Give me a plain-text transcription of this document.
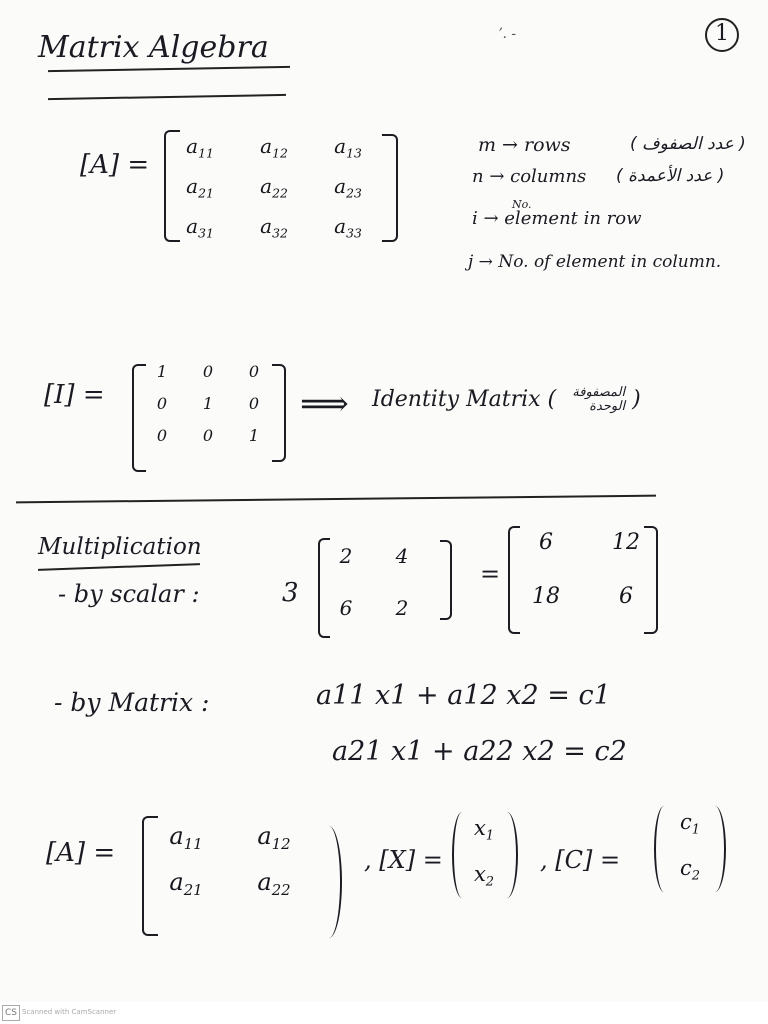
1
ʼ. -
Matrix Algebra
[A] =
$a_{11}$	$a_{12}$	$a_{13}$
$a_{21}$	$a_{22}$	$a_{23}$
$a_{31}$	$a_{32}$	$a_{33}$
m → rows	( عدد الصفوف )
n → columns ( عدد الأعمدة )
No.
i → element in row
j → No. of element in column.
[I] =
1	0	0
0	1	0
0	0	1
⟹ Identity Matrix ( المصفوفة الوحدة )
Multiplication
- by scalar :	3
2	4
6	2
=
6	12
18	6
- by Matrix :	a11 x1 + a12 x2 = c1
a21 x1 + a22 x2 = c2
[A] =
$a_{11}$	$a_{12}$
$a_{21}$	$a_{22}$
, [X] =
$x_1$
$x_2$
, [C] =
$c_1$
$c_2$
CS Scanned with CamScanner
